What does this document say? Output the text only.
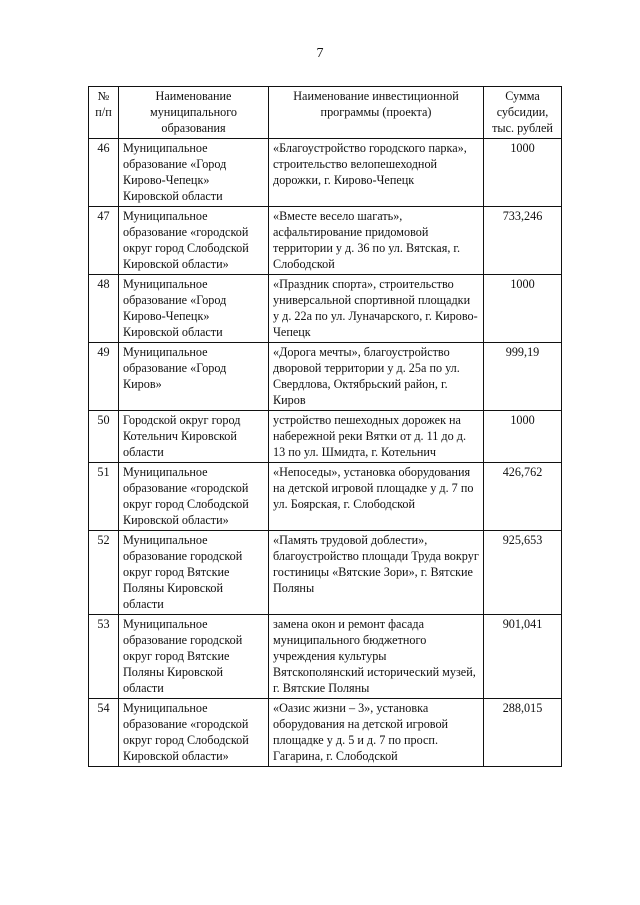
7
№ п/п	Наименование муниципального образования	Наименование инвестиционной программы (проекта)	Сумма субсидии, тыс. рублей
46	Муниципальное образование «Город Кирово-Чепецк» Кировской области	«Благоустройство городского парка», строительство велопешеходной дорожки, г. Кирово-Чепецк	1000
47	Муниципальное образование «городской округ город Слободской Кировской области»	«Вместе весело шагать», асфальтирование придомовой территории у д. 36 по ул. Вятская, г. Слободской	733,246
48	Муниципальное образование «Город Кирово-Чепецк» Кировской области	«Праздник спорта», строительство универсальной спортивной площадки у д. 22а по ул. Луначарского, г. Кирово-Чепецк	1000
49	Муниципальное образование «Город Киров»	«Дорога мечты», благоустройство дворовой территории у д. 25а по ул. Свердлова, Октябрьский район, г. Киров	999,19
50	Городской округ город Котельнич Кировской области	устройство пешеходных дорожек на набережной реки Вятки от д. 11 до д. 13 по ул. Шмидта, г. Котельнич	1000
51	Муниципальное образование «городской округ город Слободской Кировской области»	«Непоседы», установка оборудования на детской игровой площадке у д. 7 по ул. Боярская, г. Слободской	426,762
52	Муниципальное образование городской округ город Вятские Поляны Кировской области	«Память трудовой доблести», благоустройство площади Труда вокруг гостиницы «Вятские Зори», г. Вятские Поляны	925,653
53	Муниципальное образование городской округ город Вятские Поляны Кировской области	замена окон и ремонт фасада муниципального бюджетного учреждения культуры Вятскополянский исторический музей, г. Вятские Поляны	901,041
54	Муниципальное образование «городской округ город Слободской Кировской области»	«Оазис жизни – 3», установка оборудования на детской игровой площадке у д. 5 и д. 7 по просп. Гагарина, г. Слободской	288,015
